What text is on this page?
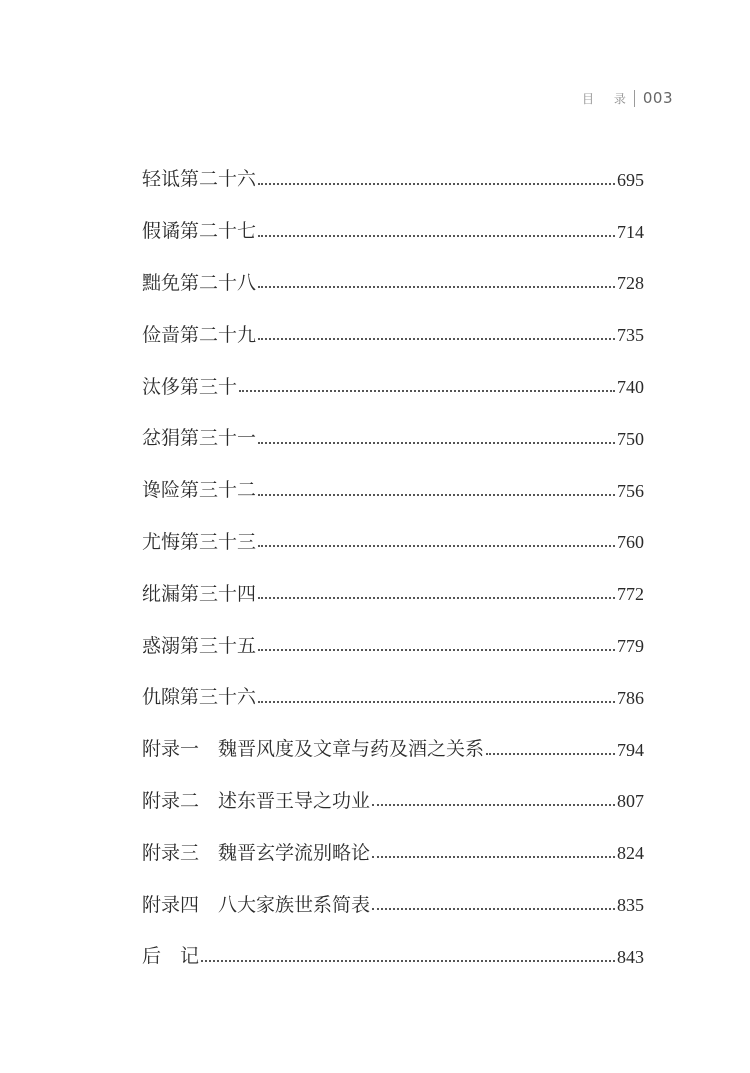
目 录 003
轻诋第二十六	695
假谲第二十七	714
黜免第二十八	728
俭啬第二十九	735
汰侈第三十	740
忿狷第三十一	750
谗险第三十二	756
尤悔第三十三	760
纰漏第三十四	772
惑溺第三十五	779
仇隙第三十六	786
附录一 魏晋风度及文章与药及酒之关系	794
附录二 述东晋王导之功业	807
附录三 魏晋玄学流别略论	824
附录四 八大家族世系简表	835
后　记	843
